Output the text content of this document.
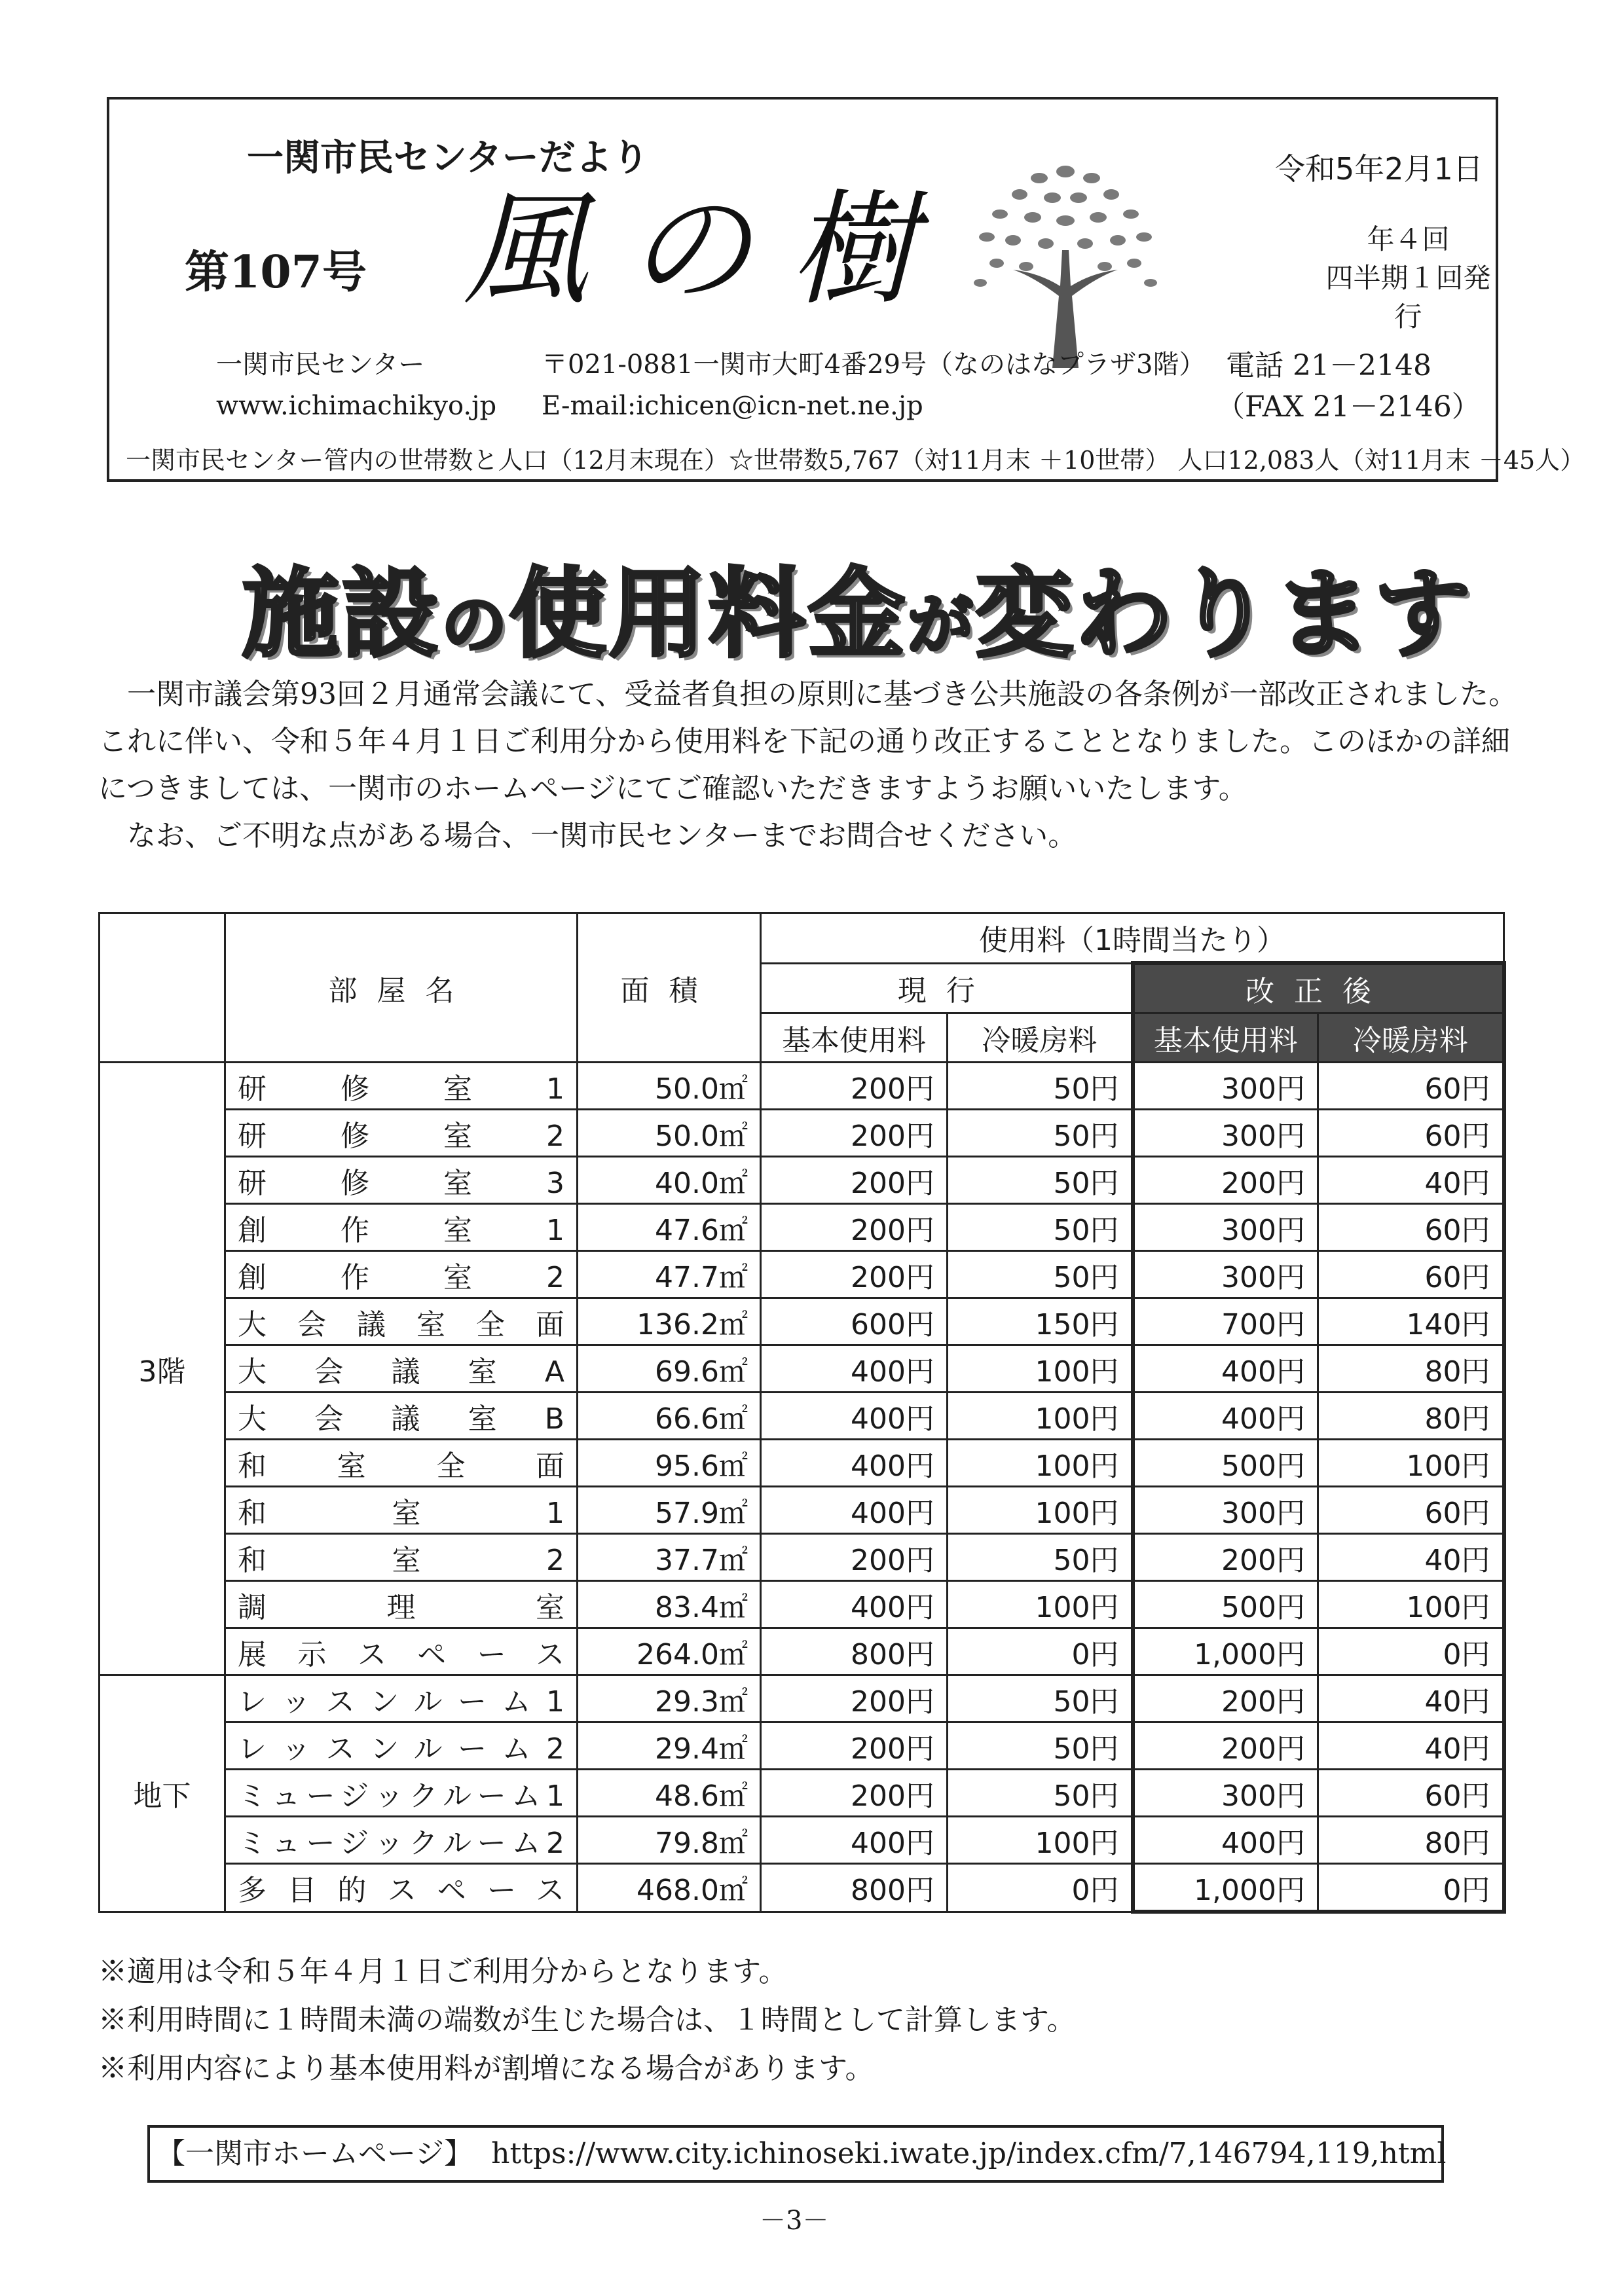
一関市民センターだより
第107号 風の樹
令和5年2月1日
年４回
四半期１回発行
一関市民センター
www.ichimachikyo.jp
〒021-0881一関市大町4番29号（なのはなプラザ3階）
E-mail:ichicen@icn-net.ne.jp
電話 21－2148
（FAX 21－2146）
一関市民センター管内の世帯数と人口（12月末現在）☆世帯数5,767（対11月末 ＋10世帯） 人口12,083人（対11月末 －45人）
施設の使用料金が変わります

一関市議会第93回２月通常会議にて、受益者負担の原則に基づき公共施設の各条例が一部改正されました。これに伴い、令和５年４月１日ご利用分から使用料を下記の通り改正することとなりました。このほかの詳細につきましては、一関市のホームページにてご確認いただきますようお願いいたします。

なお、ご不明な点がある場合、一関市民センターまでお問合せください。

	部屋名	面積	使用料（1時間当たり）			
			現行		改正後	
			基本使用料	冷暖房料	基本使用料	冷暖房料
3階	研修室1	50.0㎡	200円	50円	300円	60円
	研修室2	50.0㎡	200円	50円	300円	60円
	研修室3	40.0㎡	200円	50円	200円	40円
	創作室1	47.6㎡	200円	50円	300円	60円
	創作室2	47.7㎡	200円	50円	300円	60円
	大会議室全面	136.2㎡	600円	150円	700円	140円
	大会議室A	69.6㎡	400円	100円	400円	80円
	大会議室B	66.6㎡	400円	100円	400円	80円
	和室全面	95.6㎡	400円	100円	500円	100円
	和室1	57.9㎡	400円	100円	300円	60円
	和室2	37.7㎡	200円	50円	200円	40円
	調理室	83.4㎡	400円	100円	500円	100円
	展示スペース	264.0㎡	800円	0円	1,000円	0円
地下	レッスンルーム1	29.3㎡	200円	50円	200円	40円
	レッスンルーム2	29.4㎡	200円	50円	200円	40円
	ミュージックルーム1	48.6㎡	200円	50円	300円	60円
	ミュージックルーム2	79.8㎡	400円	100円	400円	80円
	多目的スペース	468.0㎡	800円	0円	1,000円	0円

※適用は令和５年４月１日ご利用分からとなります。

※利用時間に１時間未満の端数が生じた場合は、１時間として計算します。

※利用内容により基本使用料が割増になる場合があります。

【一関市ホームページ】 https://www.city.ichinoseki.iwate.jp/index.cfm/7,146794,119,html
－3－
